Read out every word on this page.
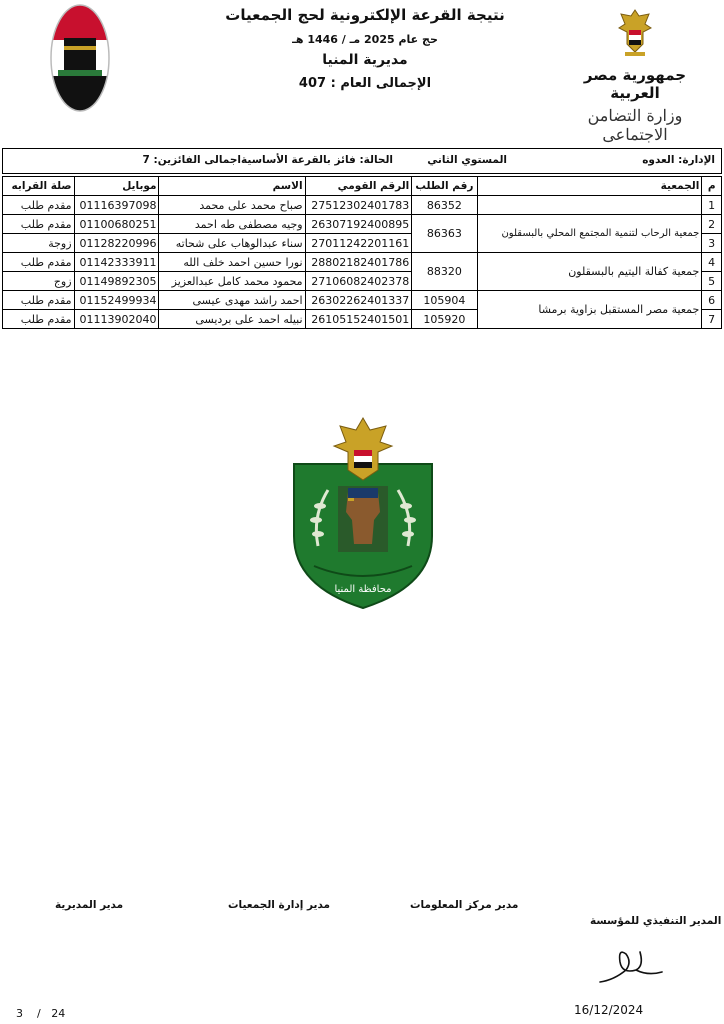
نتيجة القرعة الإلكترونية لحج الجمعيات
حج عام 2025 مـ / 1446 هـ
مديرية المنيا
الإجمالى العام : 407	جمهورية مصر العربية
وزارة التضامن الاجتماعى
الإدارة: العدوه
المستوي الثاني
الحالة: فائز بالقرعة الأساسية
اجمالى الفائزين: 7
م	الجمعية	رقم الطلب	الرقم القومي	الاسم	موبايل	صلة القرابه
1		86352	27512302401783	صباح محمد على محمد	01116397098	مقدم طلب
2	جمعية الرحاب لتنمية المجتمع المحلي بالبسقلون	86363	26307192400895	وجيه مصطفى طه احمد	01100680251	مقدم طلب
3			27011242201161	سناء عبدالوهاب على شحاته	01128220996	زوجة
4	جمعية كفالة اليتيم بالبسقلون	88320	28802182401786	نورا حسين احمد خلف الله	01142333911	مقدم طلب
5			27106082402378	محمود محمد كامل عبدالعزيز	01149892305	زوج
6	جمعية مصر المستقبل بزاوية برمشا	105904	26302262401337	احمد راشد مهدى عيسى	01152499934	مقدم طلب
7		105920	26105152401501	نبيله احمد على برديسى	01113902040	مقدم طلب
محافظة المنيا
مدير مركز المعلومات
مدير إدارة الجمعيات
مدير المديرية
المدير التنفيذي للمؤسسة
16/12/2024
3 / 24
